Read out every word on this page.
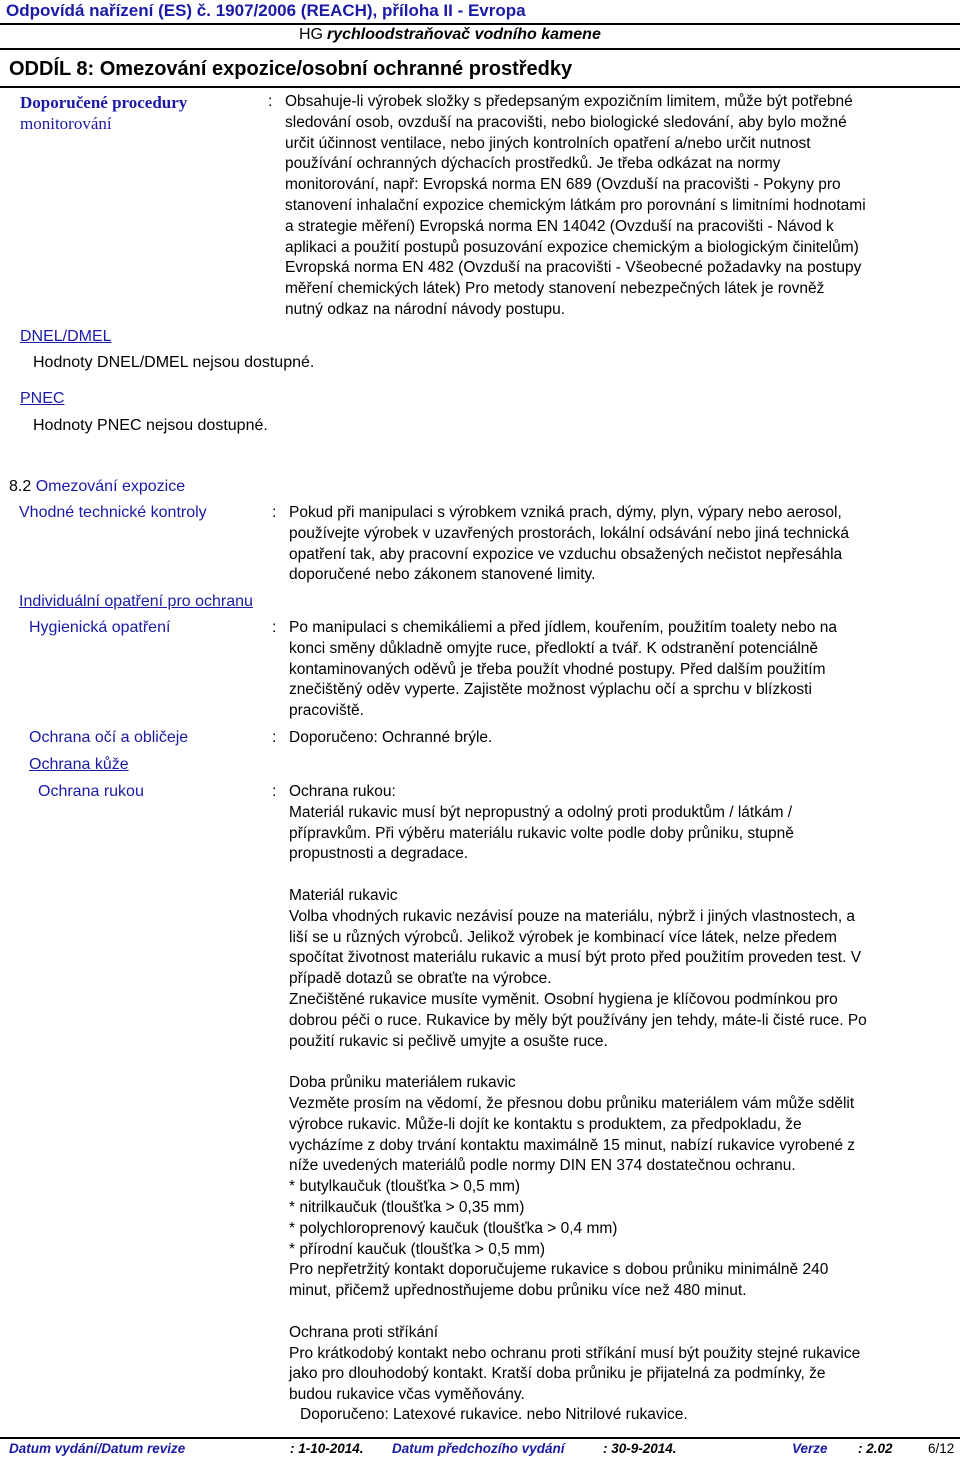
Odpovídá nařízení (ES) č. 1907/2006 (REACH), příloha II - Evropa
HG rychloodstraňovač vodního kamene
ODDÍL 8: Omezování expozice/osobní ochranné prostředky
Doporučené procedury
monitorování
: Obsahuje-li výrobek složky s předepsaným expozičním limitem, může být potřebné
sledování osob, ovzduší na pracovišti, nebo biologické sledování, aby bylo možné
určit účinnost ventilace, nebo jiných kontrolních opatření a/nebo určit nutnost
používání ochranných dýchacích prostředků. Je třeba odkázat na normy
monitorování, např: Evropská norma EN 689 (Ovzduší na pracovišti - Pokyny pro
stanovení inhalační expozice chemickým látkám pro porovnání s limitními hodnotami
a strategie měření) Evropská norma EN 14042 (Ovzduší na pracovišti - Návod k
aplikaci a použití postupů posuzování expozice chemickým a biologickým činitelům)
Evropská norma EN 482 (Ovzduší na pracovišti - Všeobecné požadavky na postupy
měření chemických látek) Pro metody stanovení nebezpečných látek je rovněž
nutný odkaz na národní návody postupu.
DNEL/DMEL
Hodnoty DNEL/DMEL nejsou dostupné.
PNEC
Hodnoty PNEC nejsou dostupné.
8.2 Omezování expozice
Vhodné technické kontroly	: Pokud při manipulaci s výrobkem vzniká prach, dýmy, plyn, výpary nebo aerosol,
používejte výrobek v uzavřených prostorách, lokální odsávání nebo jiná technická
opatření tak, aby pracovní expozice ve vzduchu obsažených nečistot nepřesáhla
doporučené nebo zákonem stanovené limity.
Individuální opatření pro ochranu
Hygienická opatření	: Po manipulaci s chemikáliemi a před jídlem, kouřením, použitím toalety nebo na
konci směny důkladně omyjte ruce, předloktí a tvář. K odstranění potenciálně
kontaminovaných oděvů je třeba použít vhodné postupy. Před dalším použitím
znečištěný oděv vyperte. Zajistěte možnost výplachu očí a sprchu v blízkosti
pracoviště.
Ochrana očí a obličeje	: Doporučeno: Ochranné brýle.
Ochrana kůže
Ochrana rukou	: Ochrana rukou:
Materiál rukavic musí být nepropustný a odolný proti produktům / látkám /
přípravkům. Při výběru materiálu rukavic volte podle doby průniku, stupně
propustnosti a degradace.
Materiál rukavic
Volba vhodných rukavic nezávisí pouze na materiálu, nýbrž i jiných vlastnostech, a
liší se u různých výrobců. Jelikož výrobek je kombinací více látek, nelze předem
spočítat životnost materiálu rukavic a musí být proto před použitím proveden test. V
případě dotazů se obraťte na výrobce.
Znečištěné rukavice musíte vyměnit. Osobní hygiena je klíčovou podmínkou pro
dobrou péči o ruce. Rukavice by měly být používány jen tehdy, máte-li čisté ruce. Po
použití rukavic si pečlivě umyjte a osušte ruce.
Doba průniku materiálem rukavic
Vezměte prosím na vědomí, že přesnou dobu průniku materiálem vám může sdělit
výrobce rukavic. Může-li dojít ke kontaktu s produktem, za předpokladu, že
vycházíme z doby trvání kontaktu maximálně 15 minut, nabízí rukavice vyrobené z
níže uvedených materiálů podle normy DIN EN 374 dostatečnou ochranu.
* butylkaučuk (tloušťka > 0,5 mm)
* nitrilkaučuk (tloušťka > 0,35 mm)
* polychloroprenový kaučuk (tloušťka > 0,4 mm)
* přírodní kaučuk (tloušťka > 0,5 mm)
Pro nepřetržitý kontakt doporučujeme rukavice s dobou průniku minimálně 240
minut, přičemž upřednostňujeme dobu průniku více než 480 minut.
Ochrana proti stříkání
Pro krátkodobý kontakt nebo ochranu proti stříkání musí být použity stejné rukavice
jako pro dlouhodobý kontakt. Kratší doba průniku je přijatelná za podmínky, že
budou rukavice včas vyměňovány.
Doporučeno: Latexové rukavice. nebo Nitrilové rukavice.
Datum vydání/Datum revize	: 1-10-2014. Datum předchozího vydání	: 30-9-2014.	Verze : 2.02	6/12
